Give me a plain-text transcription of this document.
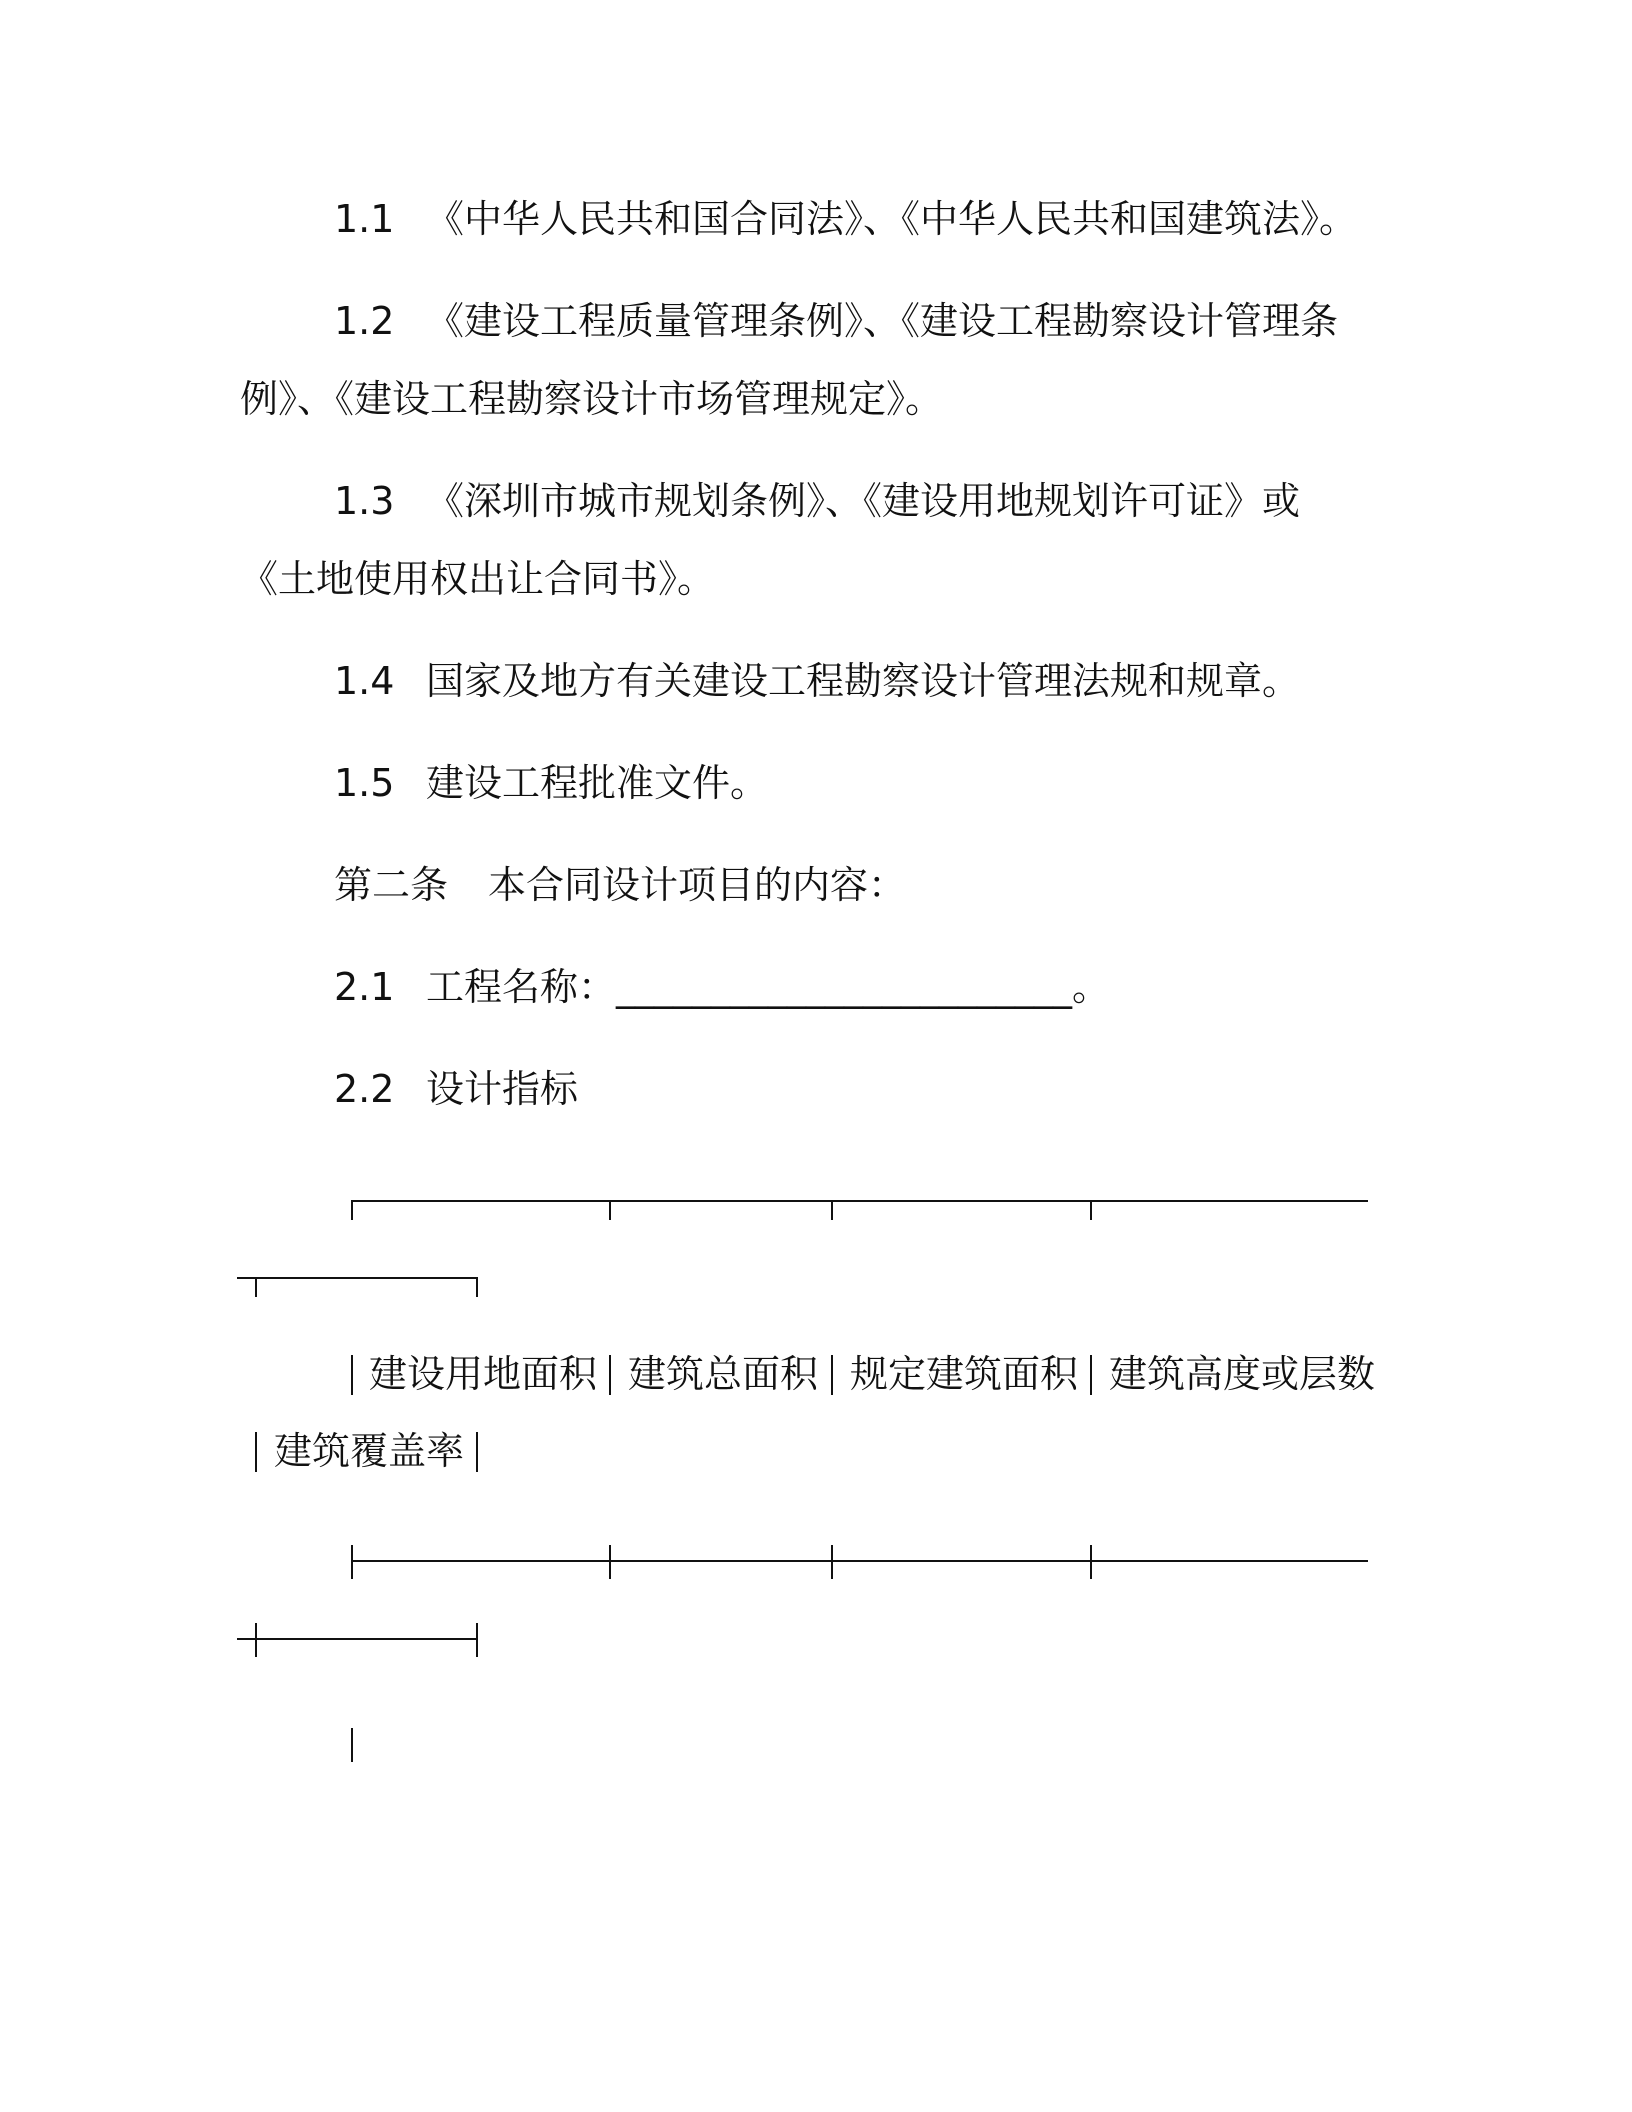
1.1 《中华人民共和国合同法》、《中华人民共和国建筑法》。
1.2 《建设工程质量管理条例》、《建设工程勘察设计管理条
例》、《建设工程勘察设计市场管理规定》。
1.3 《深圳市城市规划条例》、《建设用地规划许可证》或
《土地使用权出让合同书》。
1.4 国家及地方有关建设工程勘察设计管理法规和规章。
1.5 建设工程批准文件。
第二条 本合同设计项目的内容：
2.1 工程名称：________________________。
2.2 设计指标
建设用地面积 建筑总面积 规定建筑面积 建筑高度或层数
建筑覆盖率
